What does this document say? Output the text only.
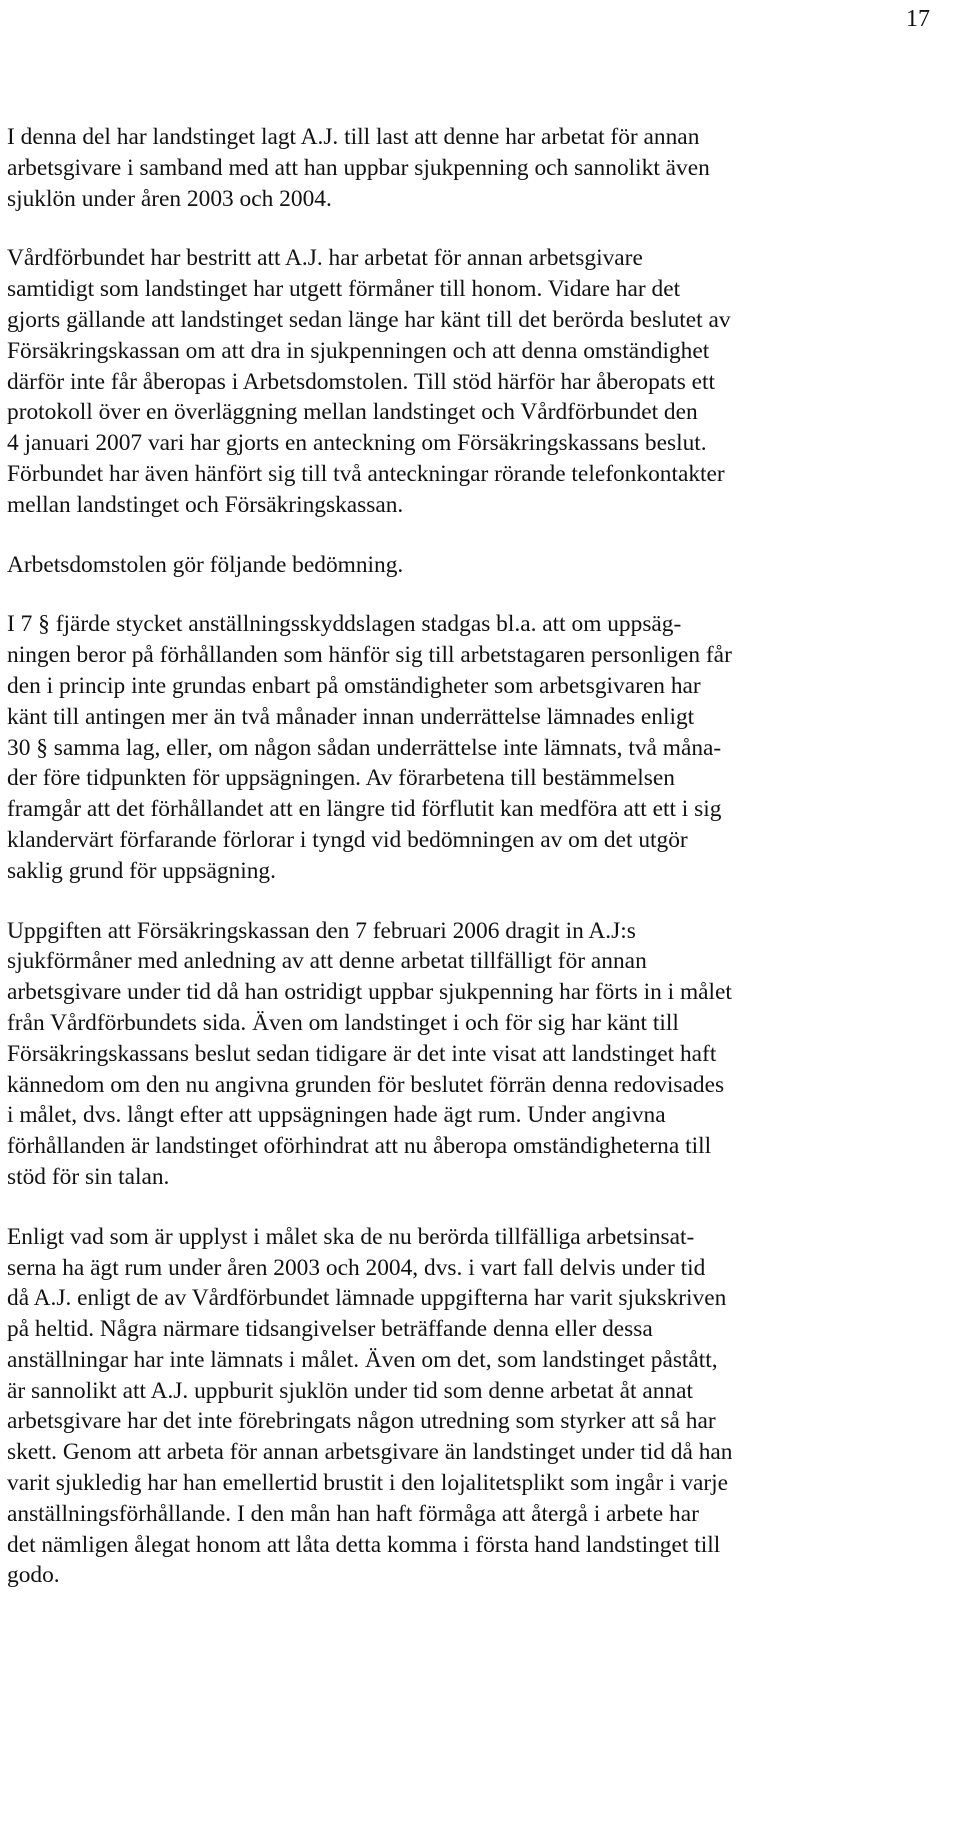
17

I denna del har landstinget lagt A.J. till last att denne har arbetat för annan
arbetsgivare i samband med att han uppbar sjukpenning och sannolikt även
sjuklön under åren 2003 och 2004.

Vårdförbundet har bestritt att A.J. har arbetat för annan arbetsgivare
samtidigt som landstinget har utgett förmåner till honom. Vidare har det
gjorts gällande att landstinget sedan länge har känt till det berörda beslutet av
Försäkringskassan om att dra in sjukpenningen och att denna omständighet
därför inte får åberopas i Arbetsdomstolen. Till stöd härför har åberopats ett
protokoll över en överläggning mellan landstinget och Vårdförbundet den
4 januari 2007 vari har gjorts en anteckning om Försäkringskassans beslut.
Förbundet har även hänfört sig till två anteckningar rörande telefonkontakter
mellan landstinget och Försäkringskassan.

Arbetsdomstolen gör följande bedömning.

I 7 § fjärde stycket anställningsskyddslagen stadgas bl.a. att om uppsäg-
ningen beror på förhållanden som hänför sig till arbetstagaren personligen får
den i princip inte grundas enbart på omständigheter som arbetsgivaren har
känt till antingen mer än två månader innan underrättelse lämnades enligt
30 § samma lag, eller, om någon sådan underrättelse inte lämnats, två måna-
der före tidpunkten för uppsägningen. Av förarbetena till bestämmelsen
framgår att det förhållandet att en längre tid förflutit kan medföra att ett i sig
klandervärt förfarande förlorar i tyngd vid bedömningen av om det utgör
saklig grund för uppsägning.

Uppgiften att Försäkringskassan den 7 februari 2006 dragit in A.J:s
sjukförmåner med anledning av att denne arbetat tillfälligt för annan
arbetsgivare under tid då han ostridigt uppbar sjukpenning har förts in i målet
från Vårdförbundets sida. Även om landstinget i och för sig har känt till
Försäkringskassans beslut sedan tidigare är det inte visat att landstinget haft
kännedom om den nu angivna grunden för beslutet förrän denna redovisades
i målet, dvs. långt efter att uppsägningen hade ägt rum. Under angivna
förhållanden är landstinget oförhindrat att nu åberopa omständigheterna till
stöd för sin talan.

Enligt vad som är upplyst i målet ska de nu berörda tillfälliga arbetsinsat-
serna ha ägt rum under åren 2003 och 2004, dvs. i vart fall delvis under tid
då A.J. enligt de av Vårdförbundet lämnade uppgifterna har varit sjukskriven
på heltid. Några närmare tidsangivelser beträffande denna eller dessa
anställningar har inte lämnats i målet. Även om det, som landstinget påstått,
är sannolikt att A.J. uppburit sjuklön under tid som denne arbetat åt annat
arbetsgivare har det inte förebringats någon utredning som styrker att så har
skett. Genom att arbeta för annan arbetsgivare än landstinget under tid då han
varit sjukledig har han emellertid brustit i den lojalitetsplikt som ingår i varje
anställningsförhållande. I den mån han haft förmåga att återgå i arbete har
det nämligen ålegat honom att låta detta komma i första hand landstinget till
godo.
